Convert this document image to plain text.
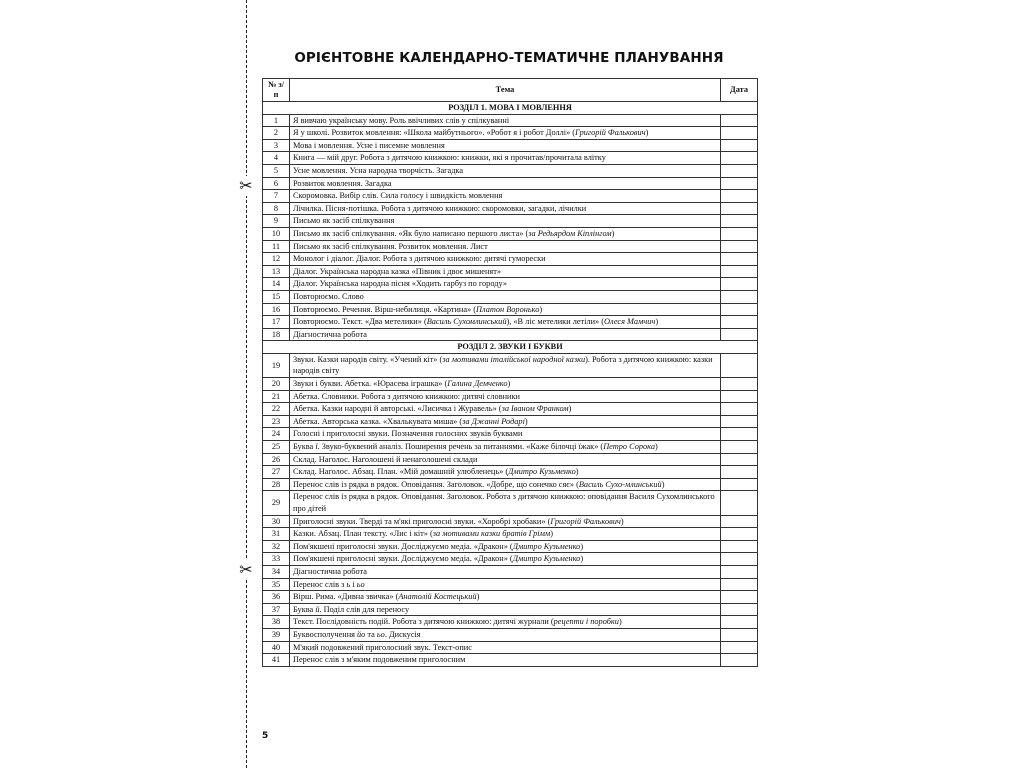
✂
✂
ОРІЄНТОВНЕ КАЛЕНДАРНО-ТЕМАТИЧНЕ ПЛАНУВАННЯ
№ з/п	Тема	Дата
РОЗДІЛ 1. МОВА І МОВЛЕННЯ		
1	Я вивчаю українську мову. Роль ввічливих слів у спілкуванні	
2	Я у школі. Розвиток мовлення: «Школа майбутнього». «Робот я і робот Доллі» (Григорій Фалькович)	
3	Мова і мовлення. Усне і писемне мовлення	
4	Книга — мій друг. Робота з дитячою книжкою: книжки, які я прочитав/прочитала влітку	
5	Усне мовлення. Усна народна творчість. Загадка	
6	Розвиток мовлення. Загадка	
7	Скоромовка. Вибір слів. Сила голосу і швидкість мовлення	
8	Лічилка. Пісня-потішка. Робота з дитячою книжкою: скоромовки, загадки, лічилки	
9	Письмо як засіб спілкування	
10	Письмо як засіб спілкування. «Як було написано першого листа» (за Редьярдом Кіплінгом)	
11	Письмо як засіб спілкування. Розвиток мовлення. Лист	
12	Монолог і діалог. Діалог. Робота з дитячою книжкою: дитячі гуморески	
13	Діалог. Українська народна казка «Півник і двоє мишенят»	
14	Діалог. Українська народна пісня «Ходить гарбуз по городу»	
15	Повторюємо. Слово	
16	Повторюємо. Речення. Вірш-небилиця. «Картина» (Платон Воронько)	
17	Повторюємо. Текст. «Два метелики» (Василь Сухомлинський), «В ліс метелики летіли» (Олеся Мамчич)	
18	Діагностична робота	
РОЗДІЛ 2. ЗВУКИ І БУКВИ		
19	Звуки. Казки народів світу. «Учений кіт» (за мотивами італійської народної казки). Робота з дитячою книжкою: казки народів світу	
20	Звуки і букви. Абетка. «Юрасева іграшка» (Галина Демченко)	
21	Абетка. Словники. Робота з дитячою книжкою: дитячі словники	
22	Абетка. Казки народні й авторські. «Лисичка і Журавель» (за Іваном Франком)	
23	Абетка. Авторська казка. «Хвалькувата миша» (за Джанні Родарі)	
24	Голосні і приголосні звуки. Позначення голосних звуків буквами	
25	Буква ї. Звуко-буквений аналіз. Поширення речень за питаннями. «Каже білочці їжак» (Петро Сорока)	
26	Склад. Наголос. Наголошені й ненаголошені склади	
27	Склад. Наголос. Абзац. План. «Мій домашній улюбленець» (Дмитро Кузьменко)	
28	Перенос слів із рядка в рядок. Оповідання. Заголовок. «Добре, що сонечко сяє» (Василь Сухо-млинський)	
29	Перенос слів із рядка в рядок. Оповідання. Заголовок. Робота з дитячою книжкою: оповідання Василя Сухомлинського про дітей	
30	Приголосні звуки. Тверді та м'які приголосні звуки. «Хоробрі хробаки» (Григорій Фалькович)	
31	Казки. Абзац. План тексту. «Лис і кіт» (за мотивами казки братів Грімм)	
32	Пом'якшені приголосні звуки. Досліджуємо медіа. «Дракон» (Дмитро Кузьменко)	
33	Пом'якшені приголосні звуки. Досліджуємо медіа. «Дракон» (Дмитро Кузьменко)	
34	Діагностична робота	
35	Перенос слів з ь і ьо	
36	Вірш. Рима. «Дивна звичка» (Анатолій Костецький)	
37	Буква й. Поділ слів для переносу	
38	Текст. Послідовність подій. Робота з дитячою книжкою: дитячі журнали (рецепти і поробки)	
39	Буквосполучення йо та ьо. Дискусія	
40	М'який подовжений приголосний звук. Текст-опис	
41	Перенос слів з м'яким подовженим приголосним	
5
